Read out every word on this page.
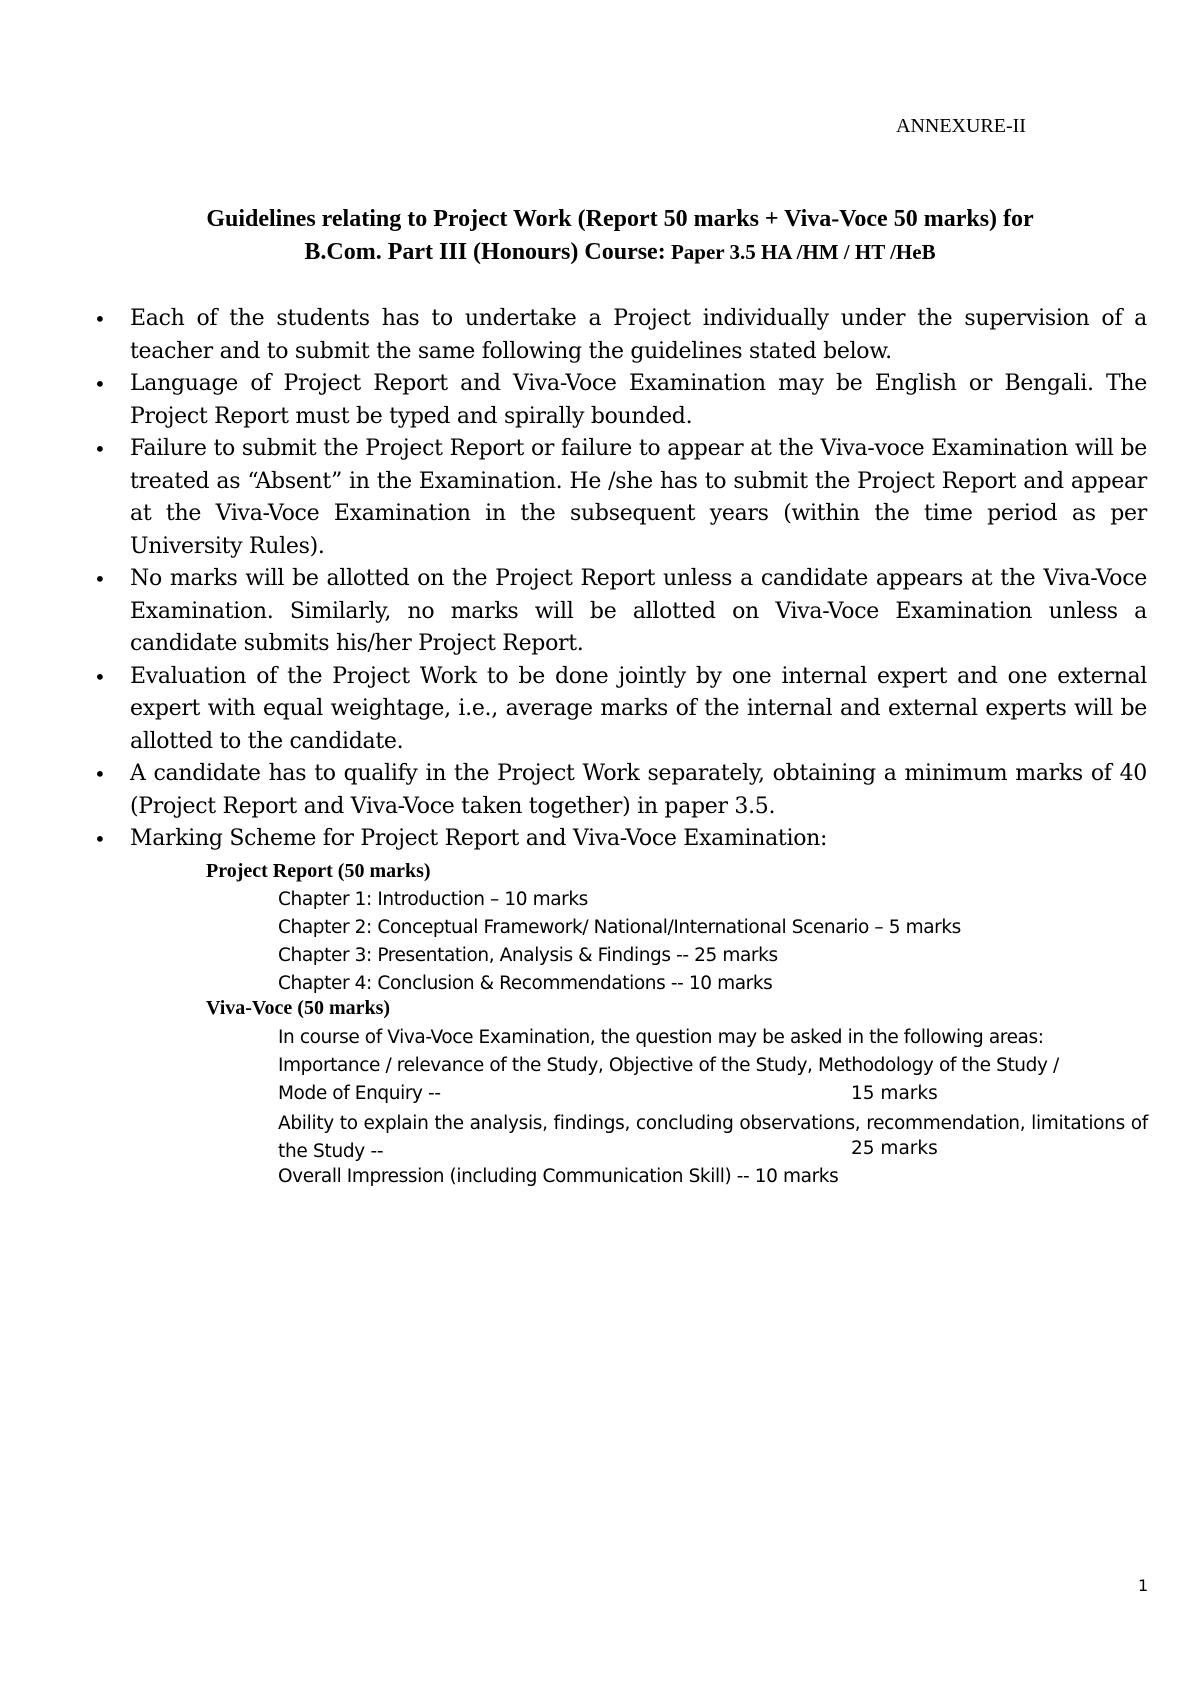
ANNEXURE-II
Guidelines relating to Project Work (Report 50 marks + Viva-Voce 50 marks) for
B.Com. Part III (Honours) Course: Paper 3.5 HA /HM / HT /HeB
• Each of the students has to undertake a Project individually under the supervision of a teacher and to submit the same following the guidelines stated below.
• Language of Project Report and Viva-Voce Examination may be English or Bengali. The Project Report must be typed and spirally bounded.
• Failure to submit the Project Report or failure to appear at the Viva-voce Examination will be treated as “Absent” in the Examination. He /she has to submit the Project Report and appear at the Viva-Voce Examination in the subsequent years (within the time period as per University Rules).
• No marks will be allotted on the Project Report unless a candidate appears at the Viva-Voce Examination. Similarly, no marks will be allotted on Viva-Voce Examination unless a candidate submits his/her Project Report.
• Evaluation of the Project Work to be done jointly by one internal expert and one external expert with equal weightage, i.e., average marks of the internal and external experts will be allotted to the candidate.
• A candidate has to qualify in the Project Work separately, obtaining a minimum marks of 40 (Project Report and Viva-Voce taken together) in paper 3.5.
• Marking Scheme for Project Report and Viva-Voce Examination:
Project Report (50 marks)
Chapter 1: Introduction – 10 marks
Chapter 2: Conceptual Framework/ National/International Scenario – 5 marks
Chapter 3: Presentation, Analysis & Findings -- 25 marks
Chapter 4: Conclusion & Recommendations -- 10 marks
Viva-Voce (50 marks)
In course of Viva-Voce Examination, the question may be asked in the following areas:
Importance / relevance of the Study, Objective of the Study, Methodology of the Study /
Mode of Enquiry --	15 marks
Ability to explain the analysis, findings, concluding observations, recommendation, limitations of the Study --	25 marks
Overall Impression (including Communication Skill) -- 10 marks
1
